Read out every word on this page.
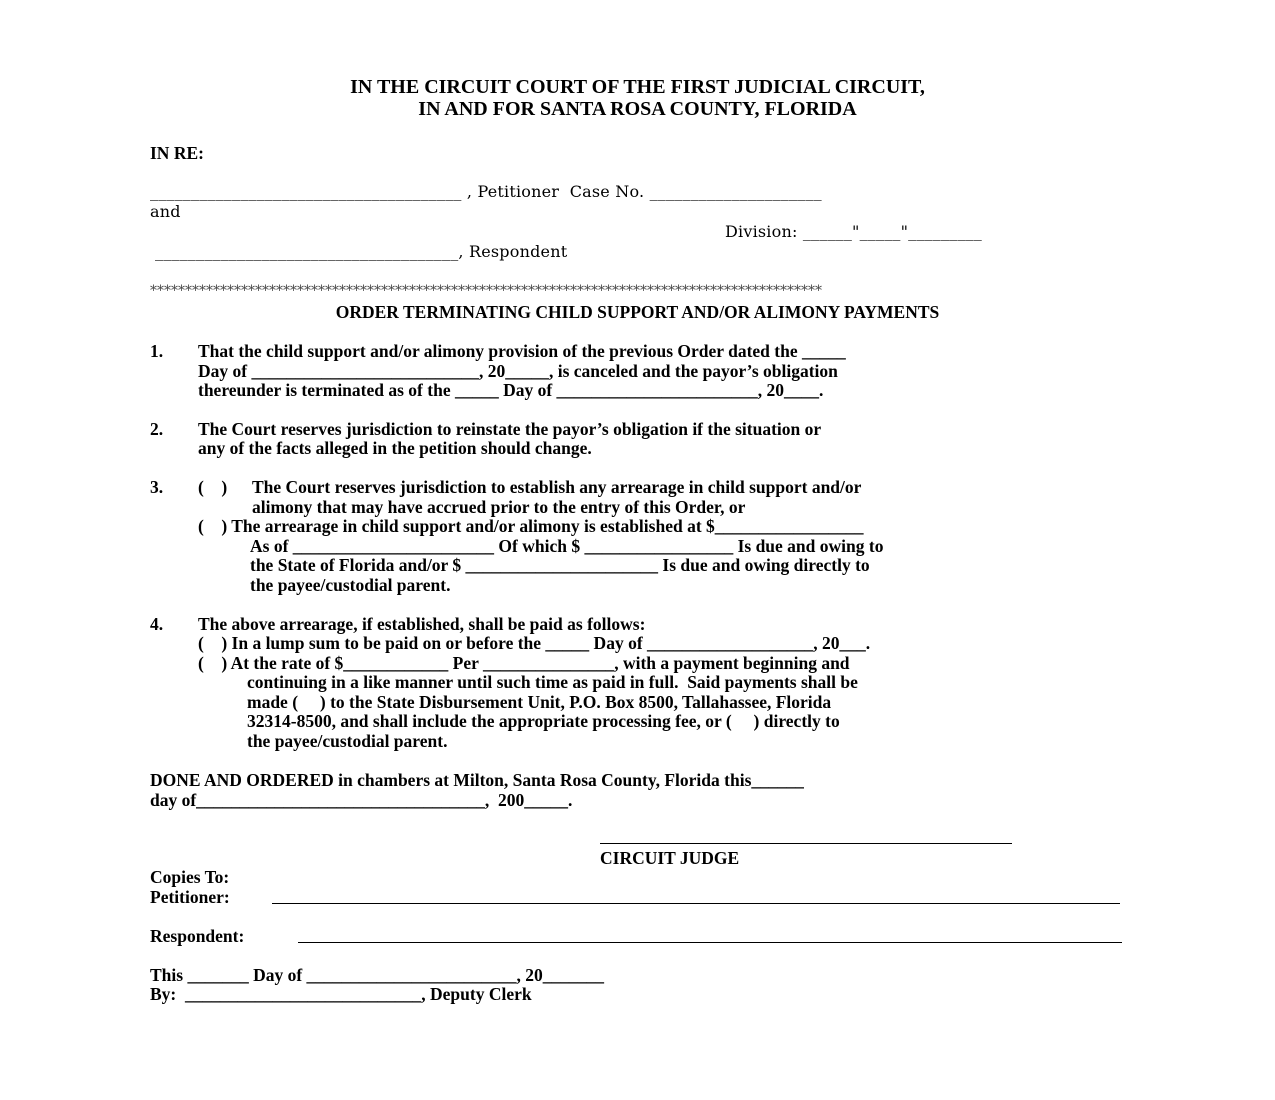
IN THE CIRCUIT COURT OF THE FIRST JUDICIAL CIRCUIT,
IN AND FOR SANTA ROSA COUNTY, FLORIDA
IN RE:
______________________________________ , Petitioner  Case No. _____________________
and
Division: ______"_____"_________
_____________________________________, Respondent
************************************************************************************************
ORDER TERMINATING CHILD SUPPORT AND/OR ALIMONY PAYMENTS
1. That the child support and/or alimony provision of the previous Order dated the _____
Day of __________________________, 20_____, is canceled and the payor’s obligation
thereunder is terminated as of the _____ Day of _______________________, 20____.
2. The Court reserves jurisdiction to reinstate the payor’s obligation if the situation or
any of the facts alleged in the petition should change.
3. (    ) The Court reserves jurisdiction to establish any arrearage in child support and/or
alimony that may have accrued prior to the entry of this Order, or
(    ) The arrearage in child support and/or alimony is established at $_________________
As of _______________________ Of which $ _________________ Is due and owing to
the State of Florida and/or $ ______________________ Is due and owing directly to
the payee/custodial parent.
4. The above arrearage, if established, shall be paid as follows:
(    ) In a lump sum to be paid on or before the _____ Day of ___________________, 20___.
(    ) At the rate of $____________ Per _______________, with a payment beginning and
continuing in a like manner until such time as paid in full.  Said payments shall be
made (     ) to the State Disbursement Unit, P.O. Box 8500, Tallahassee, Florida
32314-8500, and shall include the appropriate processing fee, or (     ) directly to
the payee/custodial parent.
DONE AND ORDERED in chambers at Milton, Santa Rosa County, Florida this______
day of_________________________________,  200_____.
CIRCUIT JUDGE
Copies To:
Petitioner:
Respondent:
This _______ Day of ________________________, 20_______
By:  ___________________________, Deputy Clerk
